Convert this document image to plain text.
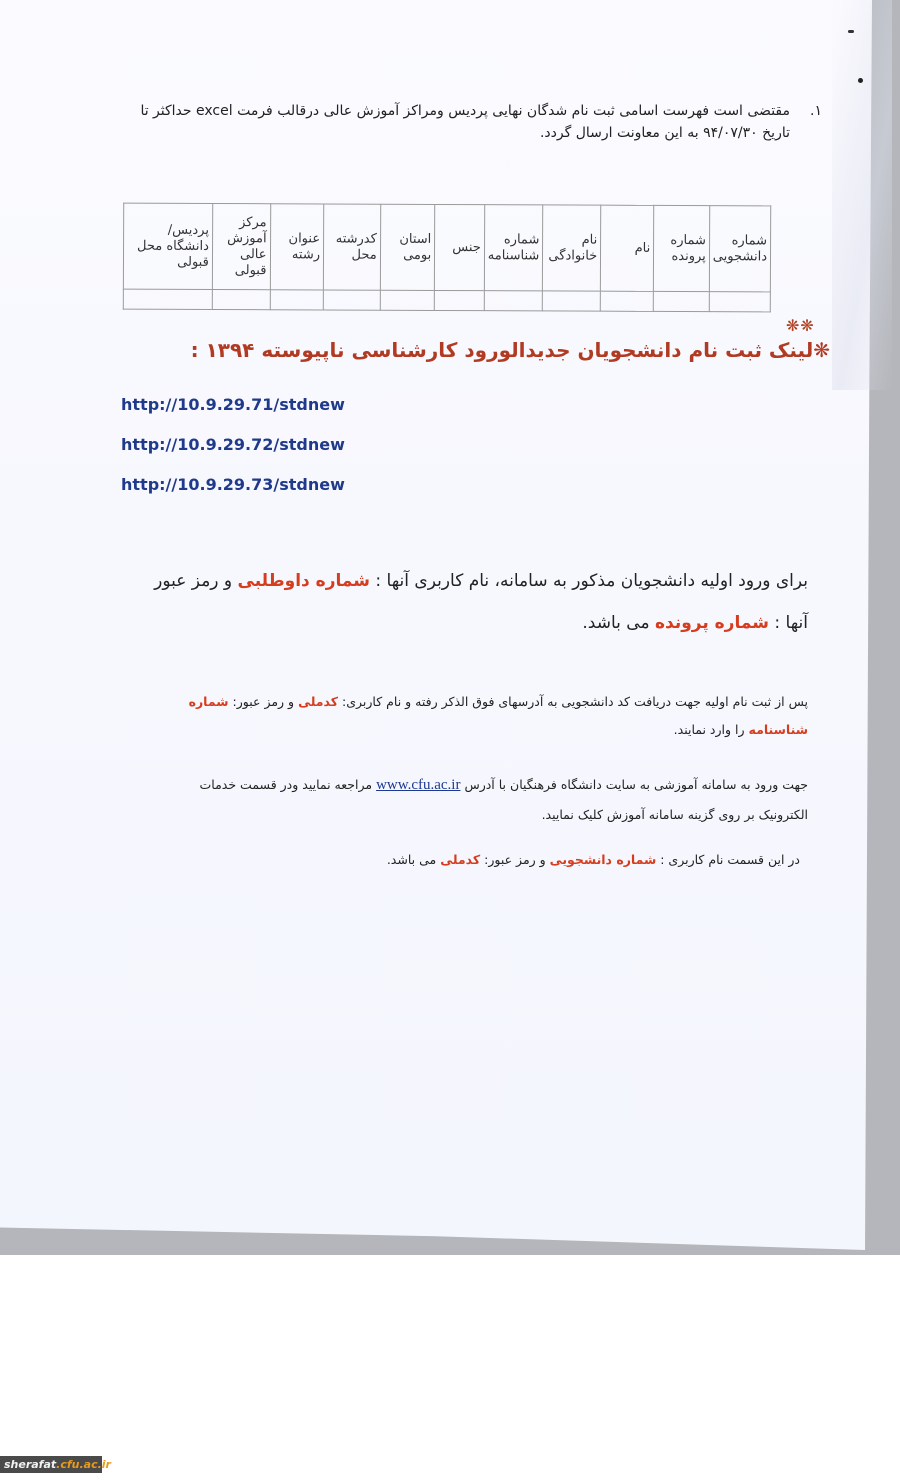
۱.
مقتضی است فهرست اسامی ثبت نام شدگان نهایی پردیس ومراکز آموزش عالی درقالب فرمت excel حداکثر تا تاریخ ۹۴/۰۷/۳۰ به این معاونت ارسال گردد.
شماره دانشجویی	شماره پرونده	نام	نام خانوادگی	شماره شناسنامه	جنس	استان بومی	کدرشته محل	عنوان رشته	مرکز آموزش عالی قبولی	پردیس/دانشگاه محل قبولی

❋❋
❋لینک ثبت نام دانشجویان جدیدالورود کارشناسی ناپیوسته ۱۳۹۴ :
http://10.9.29.71/stdnew
http://10.9.29.72/stdnew
http://10.9.29.73/stdnew
برای ورود اولیه دانشجویان مذکور به سامانه، نام کاربری آنها : شماره داوطلبی و رمز عبور آنها : شماره پرونده می باشد.
پس از ثبت نام اولیه جهت دریافت کد دانشجویی به آدرسهای فوق الذکر رفته و نام کاربری: کدملی و رمز عبور: شماره شناسنامه را وارد نمایند.
جهت ورود به سامانه آموزشی به سایت دانشگاه فرهنگیان با آدرس www.cfu.ac.ir مراجعه نمایید ودر قسمت خدمات الکترونیک بر روی گزینه سامانه آموزش کلیک نمایید.
در این قسمت نام کاربری : شماره دانشجویی و رمز عبور: کدملی می باشد.
sherafat.cfu.ac.ir
